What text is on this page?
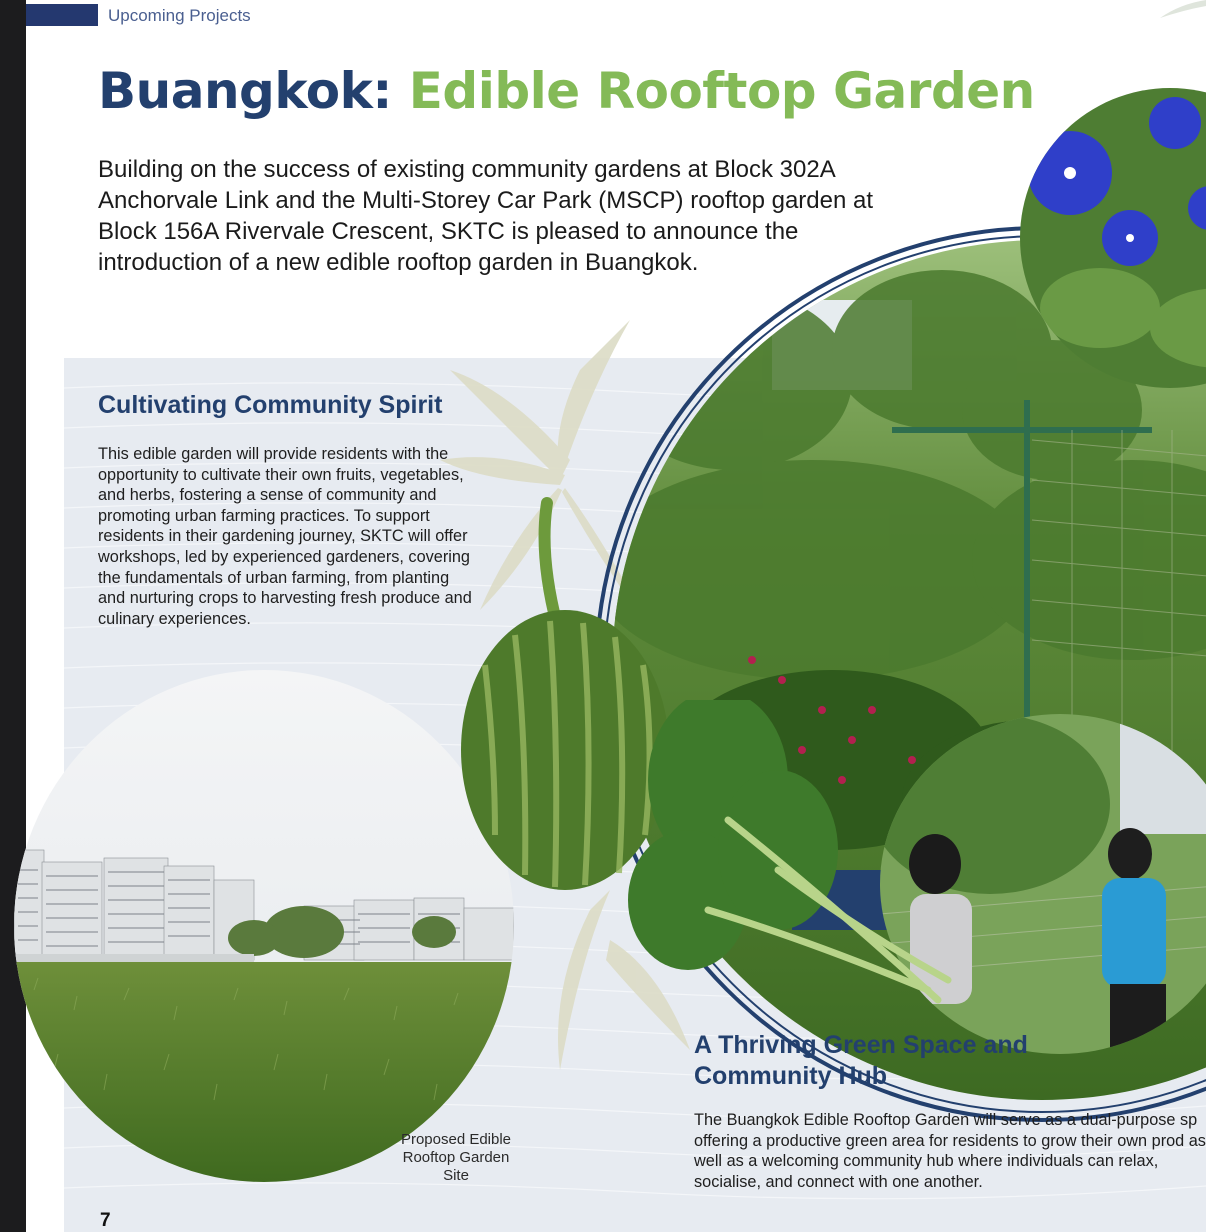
Upcoming Projects
Buangkok: Edible Rooftop Garden

Building on the success of existing community gardens at Block 302A Anchorvale Link and the Multi-Storey Car Park (MSCP) rooftop garden at Block 156A Rivervale Crescent, SKTC is pleased to announce the introduction of a new edible rooftop garden in Buangkok.

Cultivating Community Spirit

This edible garden will provide residents with the opportunity to cultivate their own fruits, vegetables, and herbs, fostering a sense of community and promoting urban farming practices. To support residents in their gardening journey, SKTC will offer workshops, led by experienced gardeners, covering the fundamentals of urban farming, from planting and nurturing crops to harvesting fresh produce and culinary experiences.

A Thriving Green Space and Community Hub

The Buangkok Edible Rooftop Garden will serve as a dual-purpose sp offering a productive green area for residents to grow their own prod as well as a welcoming community hub where individuals can relax, socialise, and connect with one another.

Proposed Edible Rooftop Garden Site

7
